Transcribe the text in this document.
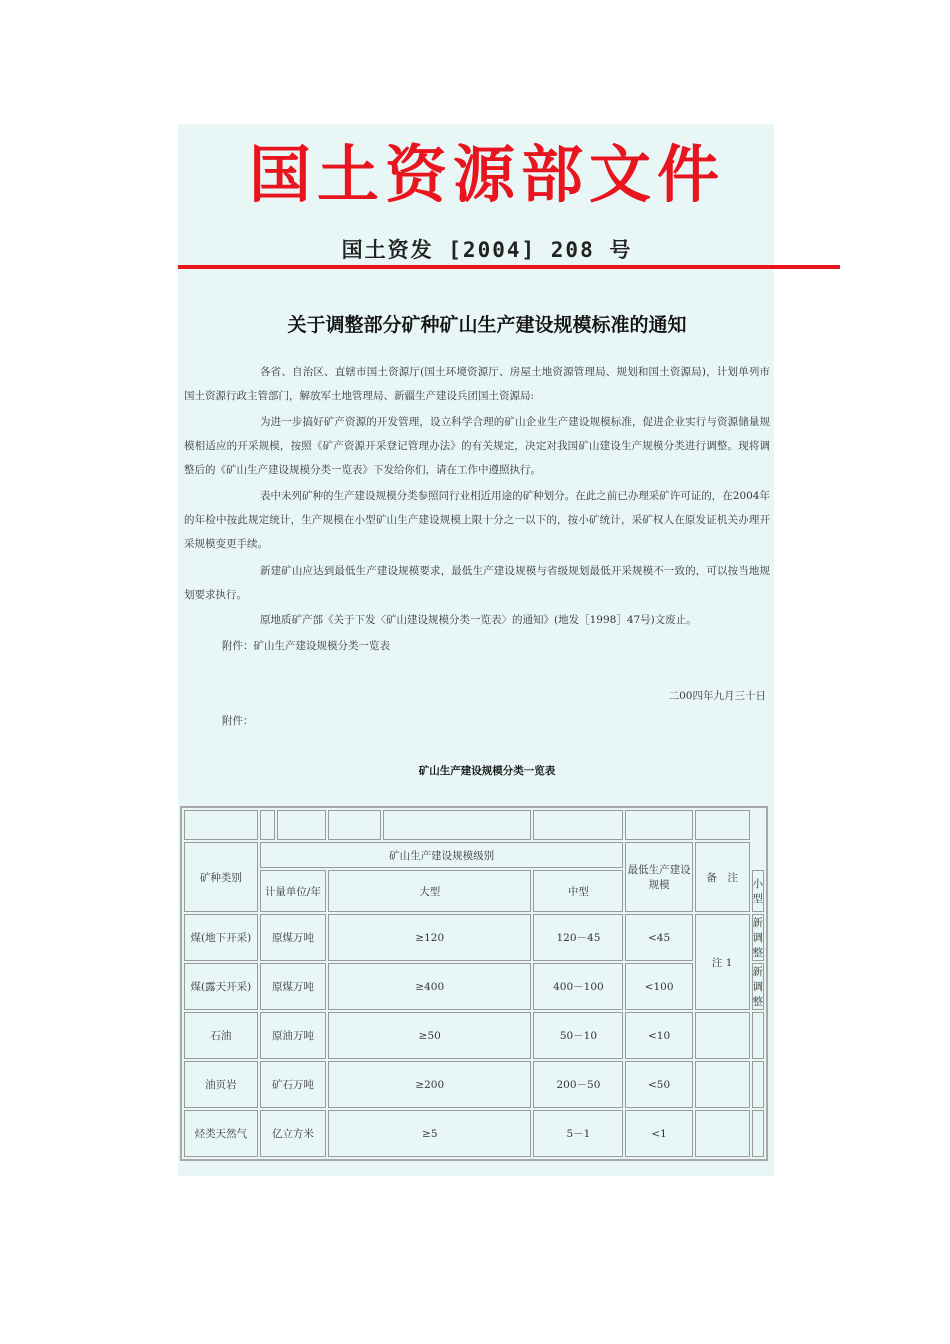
国土资源部文件
国土资发 [2004] 208 号
关于调整部分矿种矿山生产建设规模标准的通知

各省、自治区、直辖市国土资源厅(国土环境资源厅、房屋土地资源管理局、规划和国土资源局)，计划单列市国土资源行政主管部门，解放军土地管理局、新疆生产建设兵团国土资源局:

为进一步搞好矿产资源的开发管理，设立科学合理的矿山企业生产建设规模标准，促进企业实行与资源储量规模相适应的开采规模，按照《矿产资源开采登记管理办法》的有关规定，决定对我国矿山建设生产规模分类进行调整。现将调整后的《矿山生产建设规模分类一览表》下发给你们，请在工作中遵照执行。

表中未列矿种的生产建设规模分类参照同行业相近用途的矿种划分。在此之前已办理采矿许可证的，在2004年的年检中按此规定统计，生产规模在小型矿山生产建设规模上限十分之一以下的，按小矿统计，采矿权人在原发证机关办理开采规模变更手续。

新建矿山应达到最低生产建设规模要求，最低生产建设规模与省级规划最低开采规模不一致的，可以按当地规划要求执行。

原地质矿产部《关于下发〈矿山建设规模分类一览表〉的通知》(地发［1998］47号)文废止。

附件：矿山生产建设规模分类一览表

二00四年九月三十日
附件：
矿山生产建设规模分类一览表

矿种类别	矿山生产建设规模级别					最低生产建设规模	备　注	
	计量单位/年		大型		中型			小型
煤(地下开采)	原煤万吨		≥120		120－45	<45	注 1	新调整
煤(露天开采)	原煤万吨		≥400		400－100	<100		新调整
石油	原油万吨		≥50		50－10	<10		
油页岩	矿石万吨		≥200		200－50	<50		
烃类天然气	亿立方米		≥5		5－1	<1		
